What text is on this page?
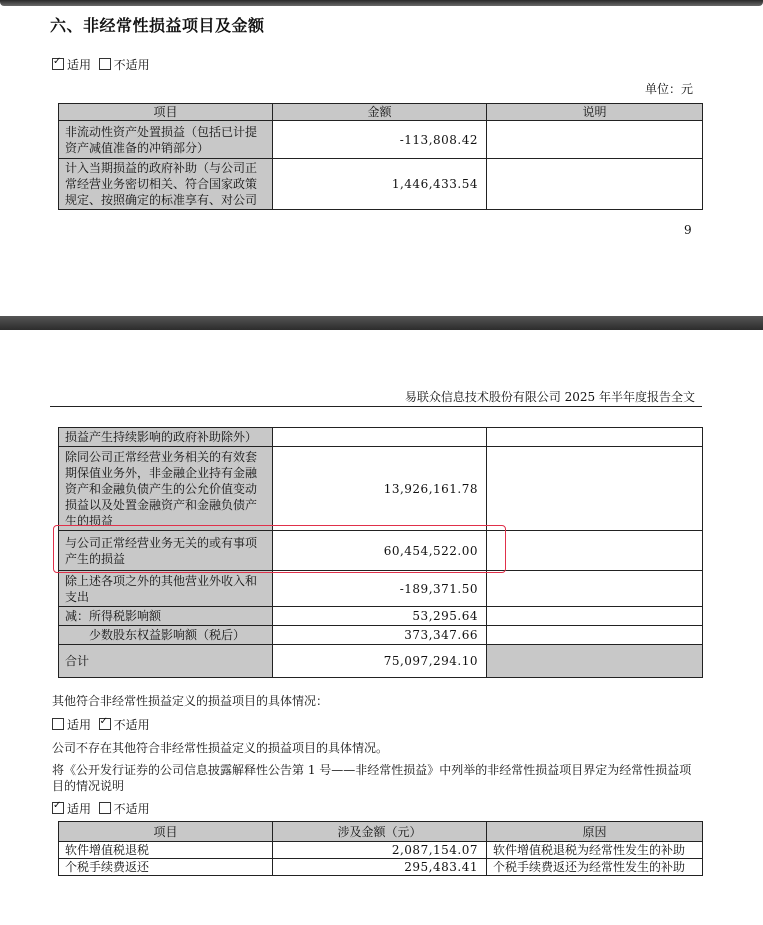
六、非经常性损益项目及金额
✓适用 不适用
单位：元
项目	金额	说明
非流动性资产处置损益（包括已计提资产减值准备的冲销部分）	-113,808.42	
计入当期损益的政府补助（与公司正常经营业务密切相关、符合国家政策规定、按照确定的标准享有、对公司	1,446,433.54	
9
易联众信息技术股份有限公司 2025 年半年度报告全文
损益产生持续影响的政府补助除外）		
除同公司正常经营业务相关的有效套期保值业务外，非金融企业持有金融资产和金融负债产生的公允价值变动损益以及处置金融资产和金融负债产生的损益	13,926,161.78	
与公司正常经营业务无关的或有事项产生的损益	60,454,522.00	
除上述各项之外的其他营业外收入和支出	-189,371.50	
减：所得税影响额	53,295.64	
少数股东权益影响额（税后）	373,347.66	
合计	75,097,294.10	
其他符合非经常性损益定义的损益项目的具体情况：
适用 ✓ 不适用
公司不存在其他符合非经常性损益定义的损益项目的具体情况。
将《公开发行证券的公司信息披露解释性公告第 1 号——非经常性损益》中列举的非经常性损益项目界定为经常性损益项目的情况说明
✓适用 不适用
项目	涉及金额（元）	原因
软件增值税退税	2,087,154.07	软件增值税退税为经常性发生的补助
个税手续费返还	295,483.41	个税手续费返还为经常性发生的补助
